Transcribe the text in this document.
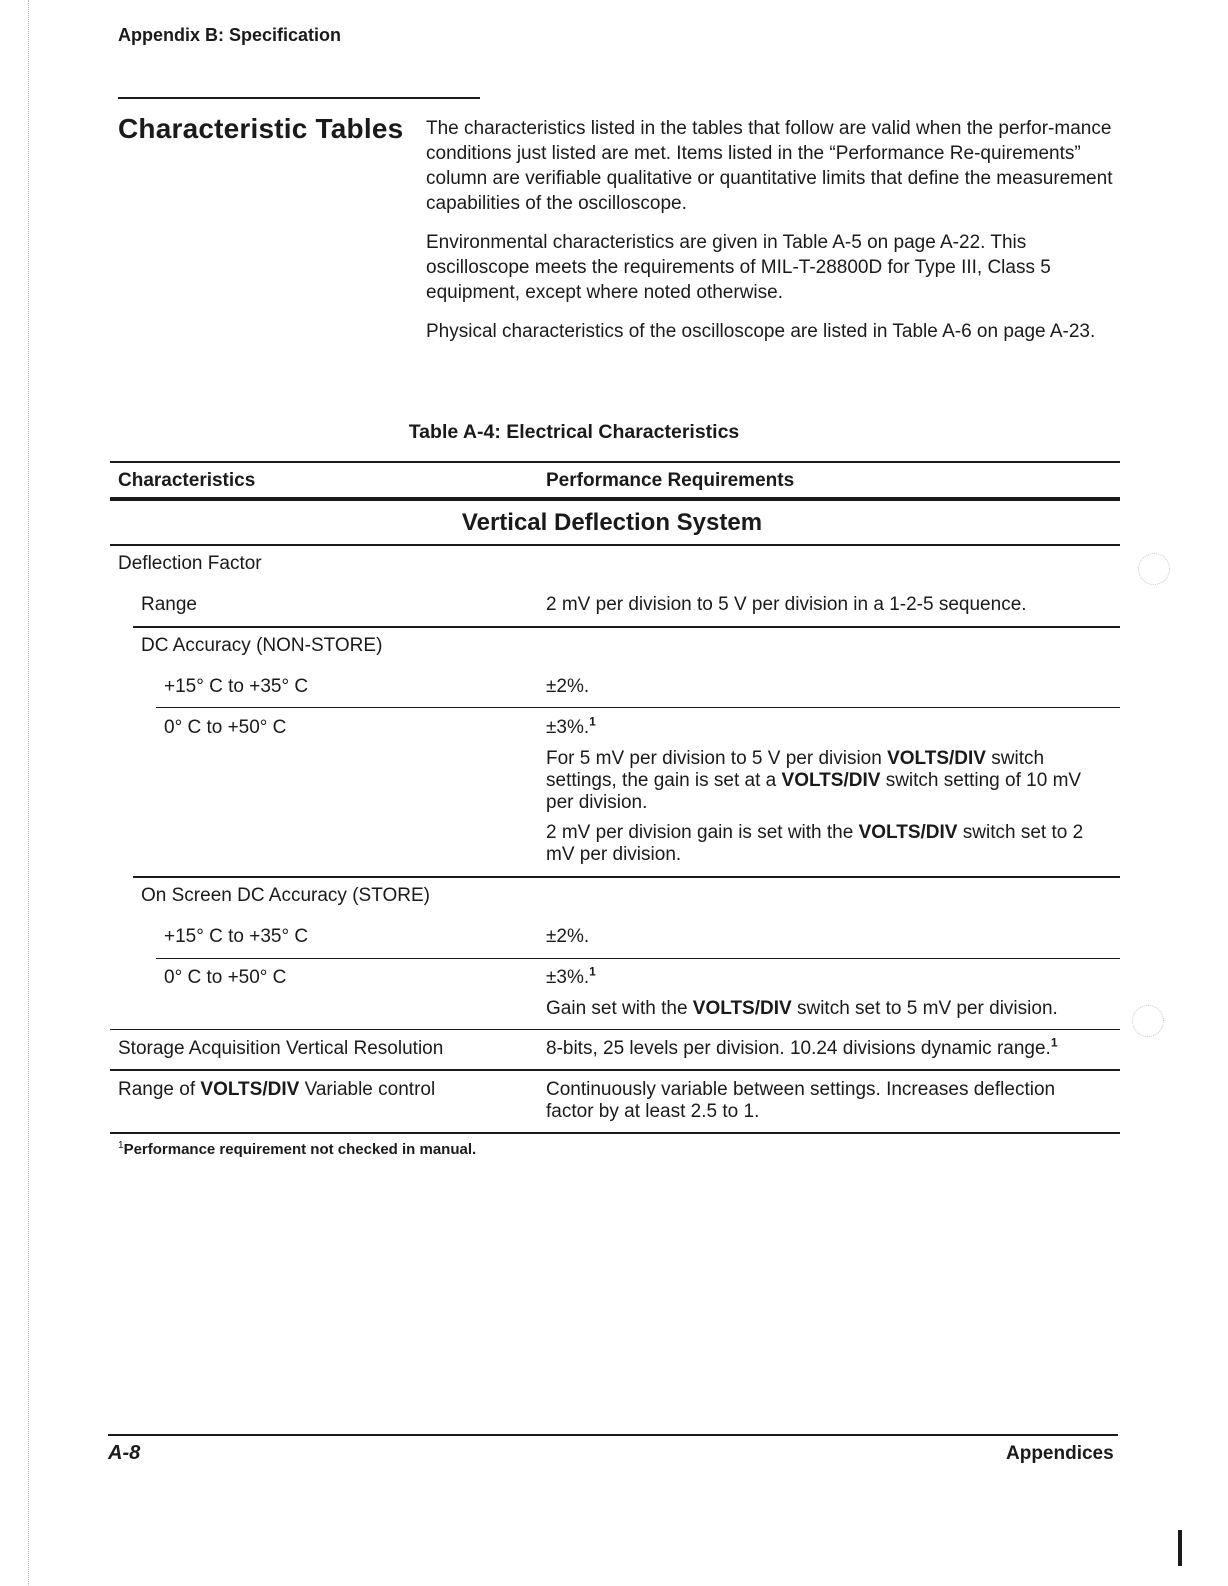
Appendix B: Specification
Characteristic Tables The characteristics listed in the tables that follow are valid when the perfor-mance conditions just listed are met. Items listed in the “Performance Re-quirements” column are verifiable qualitative or quantitative limits that define the measurement capabilities of the oscilloscope.

Environmental characteristics are given in Table A-5 on page A-22. This oscilloscope meets the requirements of MIL-T-28800D for Type III, Class 5 equipment, except where noted otherwise.

Physical characteristics of the oscilloscope are listed in Table A-6 on page A-23.

Table A-4: Electrical Characteristics
Characteristics	Performance Requirements
Vertical Deflection System
Deflection Factor
Range	2 mV per division to 5 V per division in a 1-2-5 sequence.
DC Accuracy (NON-STORE)
+15° C to +35° C	±2%.
0° C to +50° C	±3%.$^1$
For 5 mV per division to 5 V per division VOLTS/DIV switch settings, the gain is set at a VOLTS/DIV switch setting of 10 mV per division.
2 mV per division gain is set with the VOLTS/DIV switch set to 2 mV per division.
On Screen DC Accuracy (STORE)
+15° C to +35° C	±2%.
0° C to +50° C	±3%.$^1$
Gain set with the VOLTS/DIV switch set to 5 mV per division.
Storage Acquisition Vertical Resolution	8-bits, 25 levels per division. 10.24 divisions dynamic range.$^1$
Range of VOLTS/DIV Variable control	Continuously variable between settings. Increases deflection factor by at least 2.5 to 1.
$^1$Performance requirement not checked in manual.
A-8	Appendices
